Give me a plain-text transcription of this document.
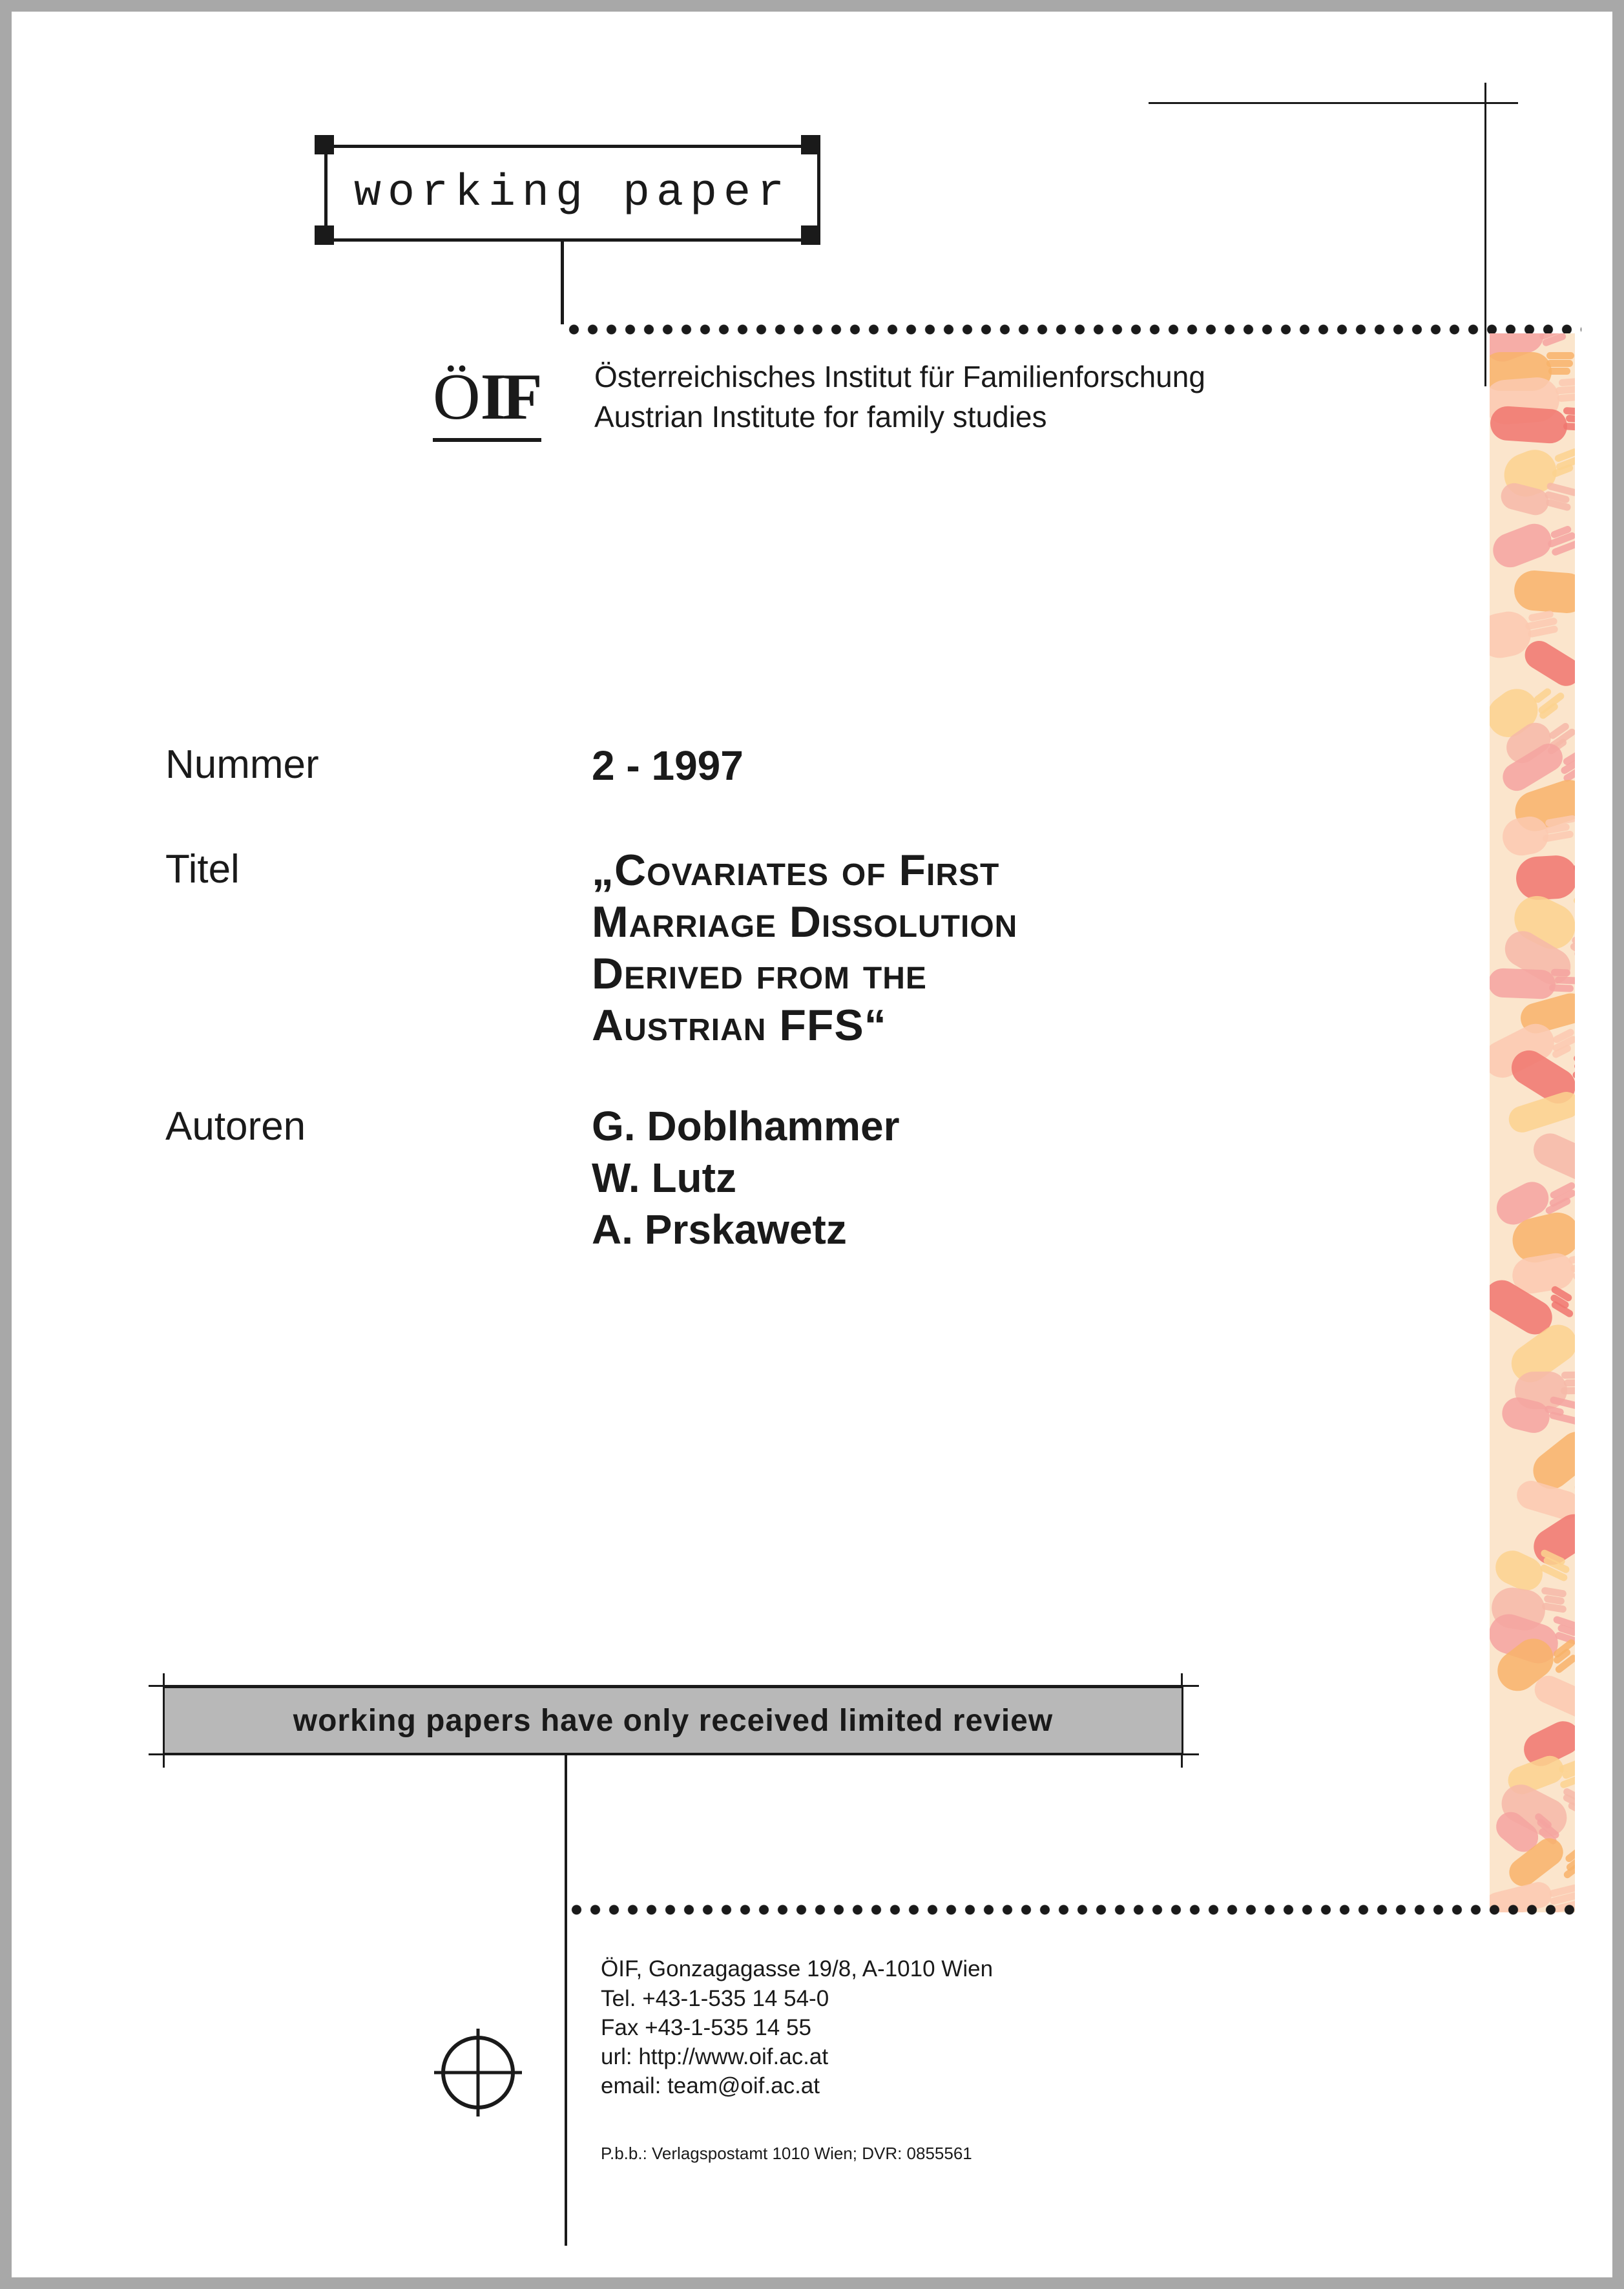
working paper
Ö IF Österreichisches Institut für Familienforschung
Austrian Institute for family studies
Nummer	2 - 1997
Titel	„Covariates of First
Marriage Dissolution
Derived from the
Austrian FFS“
Autoren	G. Doblhammer
W. Lutz
A. Prskawetz
working papers have only received limited review
ÖIF, Gonzagagasse 19/8, A-1010 Wien
Tel. +43-1-535 14 54-0
Fax +43-1-535 14 55
url: http://www.oif.ac.at
email: team@oif.ac.at
P.b.b.: Verlagspostamt 1010 Wien; DVR: 0855561
